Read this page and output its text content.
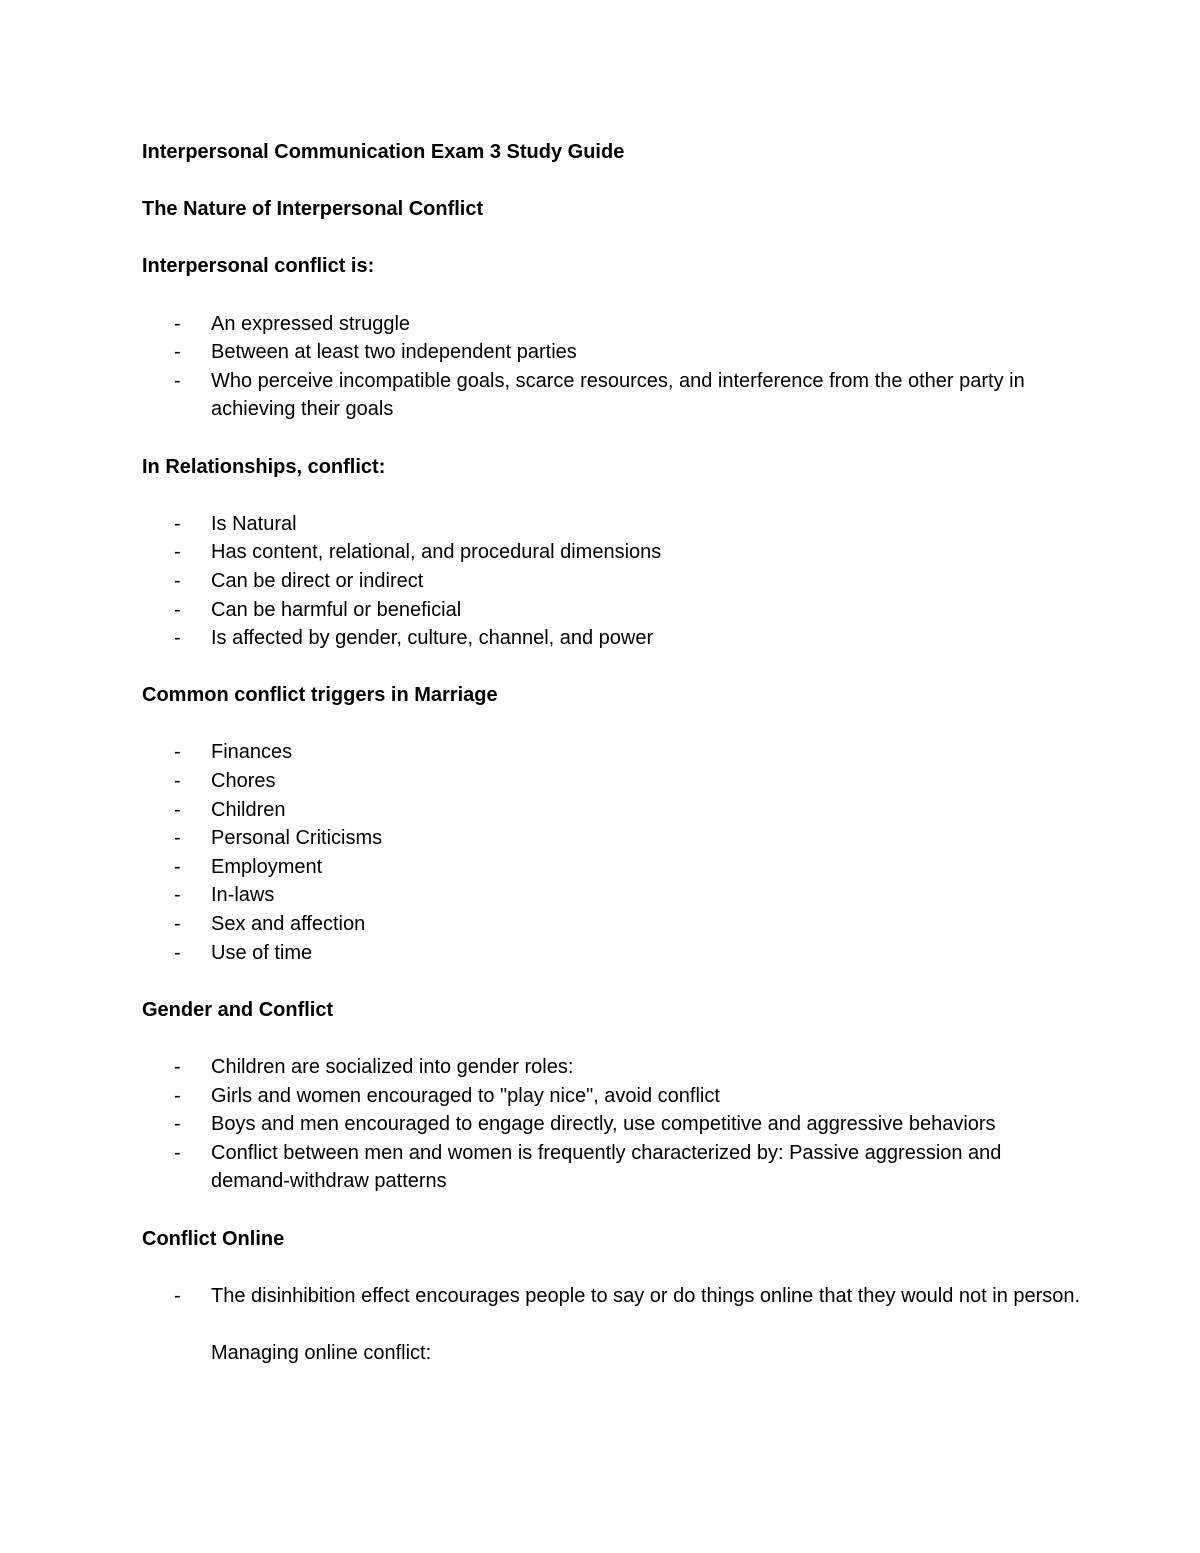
Interpersonal Communication Exam 3 Study Guide
The Nature of Interpersonal Conflict
Interpersonal conflict is:
- An expressed struggle
- Between at least two independent parties
- Who perceive incompatible goals, scarce resources, and interference from the other party in achieving their goals
In Relationships, conflict:
- Is Natural
- Has content, relational, and procedural dimensions
- Can be direct or indirect
- Can be harmful or beneficial
- Is affected by gender, culture, channel, and power
Common conflict triggers in Marriage
- Finances
- Chores
- Children
- Personal Criticisms
- Employment
- In-laws
- Sex and affection
- Use of time
Gender and Conflict
- Children are socialized into gender roles:
- Girls and women encouraged to "play nice", avoid conflict
- Boys and men encouraged to engage directly, use competitive and aggressive behaviors
- Conflict between men and women is frequently characterized by: Passive aggression and demand-withdraw patterns
Conflict Online
- The disinhibition effect encourages people to say or do things online that they would not in person.
Managing online conflict:
